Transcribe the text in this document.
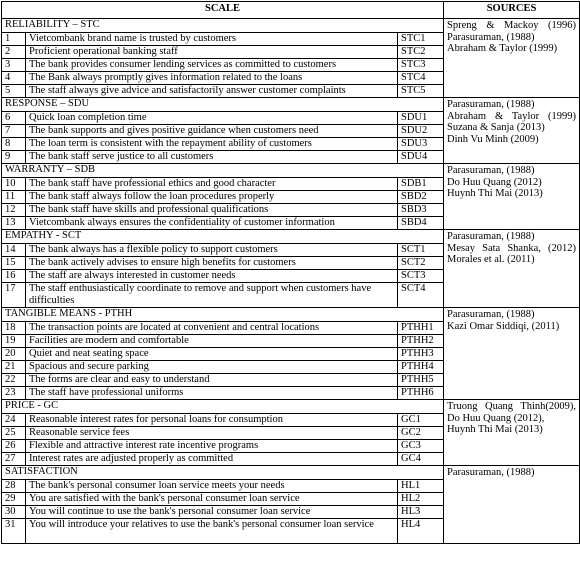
SCALE			SOURCES
RELIABILITY – STC			Spreng & Mackoy (1996)
Parasuraman, (1988)
Abraham & Taylor (1999)

1	Vietcombank brand name is trusted by customers	STC1	
2	Proficient operational banking staff	STC2	
3	The bank provides consumer lending services as committed to customers	STC3	
4	The Bank always promptly gives information related to the loans	STC4	
5	The staff always give advice and satisfactorily answer customer complaints	STC5	
RESPONSE – SDU			Parasuraman, (1988)
Abraham & Taylor (1999)
Suzana & Sanja (2013)
Dinh Vu Minh (2009)

6	Quick loan completion time	SDU1	
7	The bank supports and gives positive guidance when customers need	SDU2	
8	The loan term is consistent with the repayment ability of customers	SDU3	
9	The bank staff serve justice to all customers	SDU4	
WARRANTY – SDB			Parasuraman, (1988)
Do Huu Quang (2012)
Huynh Thi Mai (2013)

10	The bank staff have professional ethics and good character	SDB1	
11	The bank staff always follow the loan procedures properly	SBD2	
12	The bank staff have skills and professional qualifications	SBD3	
13	Vietcombank always ensures the confidentiality of customer information	SBD4	
EMPATHY - SCT			Parasuraman, (1988)
Mesay Sata Shanka, (2012)
Morales et al. (2011)

14	The bank always has a flexible policy to support customers	SCT1	
15	The bank actively advises to ensure high benefits for customers	SCT2	
16	The staff are always interested in customer needs	SCT3	
17	The staff enthusiastically coordinate to remove and support when customers have difficulties	SCT4	
TANGIBLE MEANS - PTHH			Parasuraman, (1988)
Kazi Omar Siddiqi, (2011)

18	The transaction points are located at convenient and central locations	PTHH1	
19	Facilities are modern and comfortable	PTHH2	
20	Quiet and neat seating space	PTHH3	
21	Spacious and secure parking	PTHH4	
22	The forms are clear and easy to understand	PTHH5	
23	The staff have professional uniforms	PTHH6	
PRICE - GC			Truong Quang Thinh(2009),
Do Huu Quang (2012),
Huynh Thi Mai (2013)

24	Reasonable interest rates for personal loans for consumption	GC1	
25	Reasonable service fees	GC2	
26	Flexible and attractive interest rate incentive programs	GC3	
27	Interest rates are adjusted properly as committed	GC4	
SATISFACTION			Parasuraman, (1988)

28	The bank's personal consumer loan service meets your needs	HL1	
29	You are satisfied with the bank's personal consumer loan service	HL2	
30	You will continue to use the bank's personal consumer loan service	HL3	
31	You will introduce your relatives to use the bank's personal consumer loan service	HL4	
